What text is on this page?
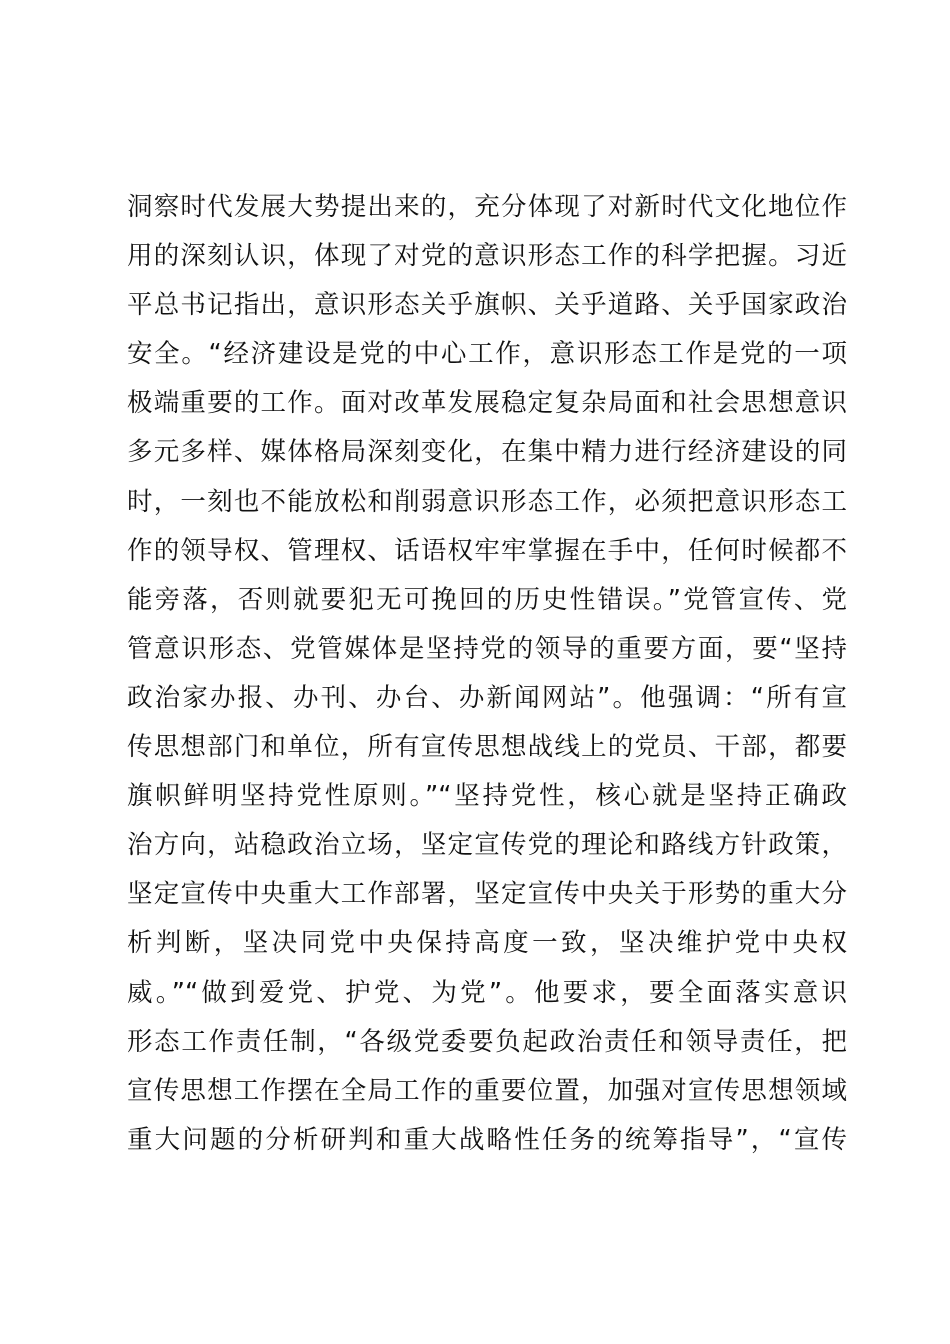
洞察时代发展大势提出来的，充分体现了对新时代文化地位作
用的深刻认识，体现了对党的意识形态工作的科学把握。习近
平总书记指出，意识形态关乎旗帜、关乎道路、关乎国家政治
安全。“经济建设是党的中心工作，意识形态工作是党的一项
极端重要的工作。面对改革发展稳定复杂局面和社会思想意识
多元多样、媒体格局深刻变化，在集中精力进行经济建设的同
时，一刻也不能放松和削弱意识形态工作，必须把意识形态工
作的领导权、管理权、话语权牢牢掌握在手中，任何时候都不
能旁落，否则就要犯无可挽回的历史性错误。”党管宣传、党
管意识形态、党管媒体是坚持党的领导的重要方面，要“坚持
政治家办报、办刊、办台、办新闻网站”。他强调：“所有宣
传思想部门和单位，所有宣传思想战线上的党员、干部，都要
旗帜鲜明坚持党性原则。”“坚持党性，核心就是坚持正确政
治方向，站稳政治立场，坚定宣传党的理论和路线方针政策，
坚定宣传中央重大工作部署，坚定宣传中央关于形势的重大分
析判断，坚决同党中央保持高度一致，坚决维护党中央权
威。”“做到爱党、护党、为党”。他要求，要全面落实意识
形态工作责任制，“各级党委要负起政治责任和领导责任，把
宣传思想工作摆在全局工作的重要位置，加强对宣传思想领域
重大问题的分析研判和重大战略性任务的统筹指导”，“宣传
